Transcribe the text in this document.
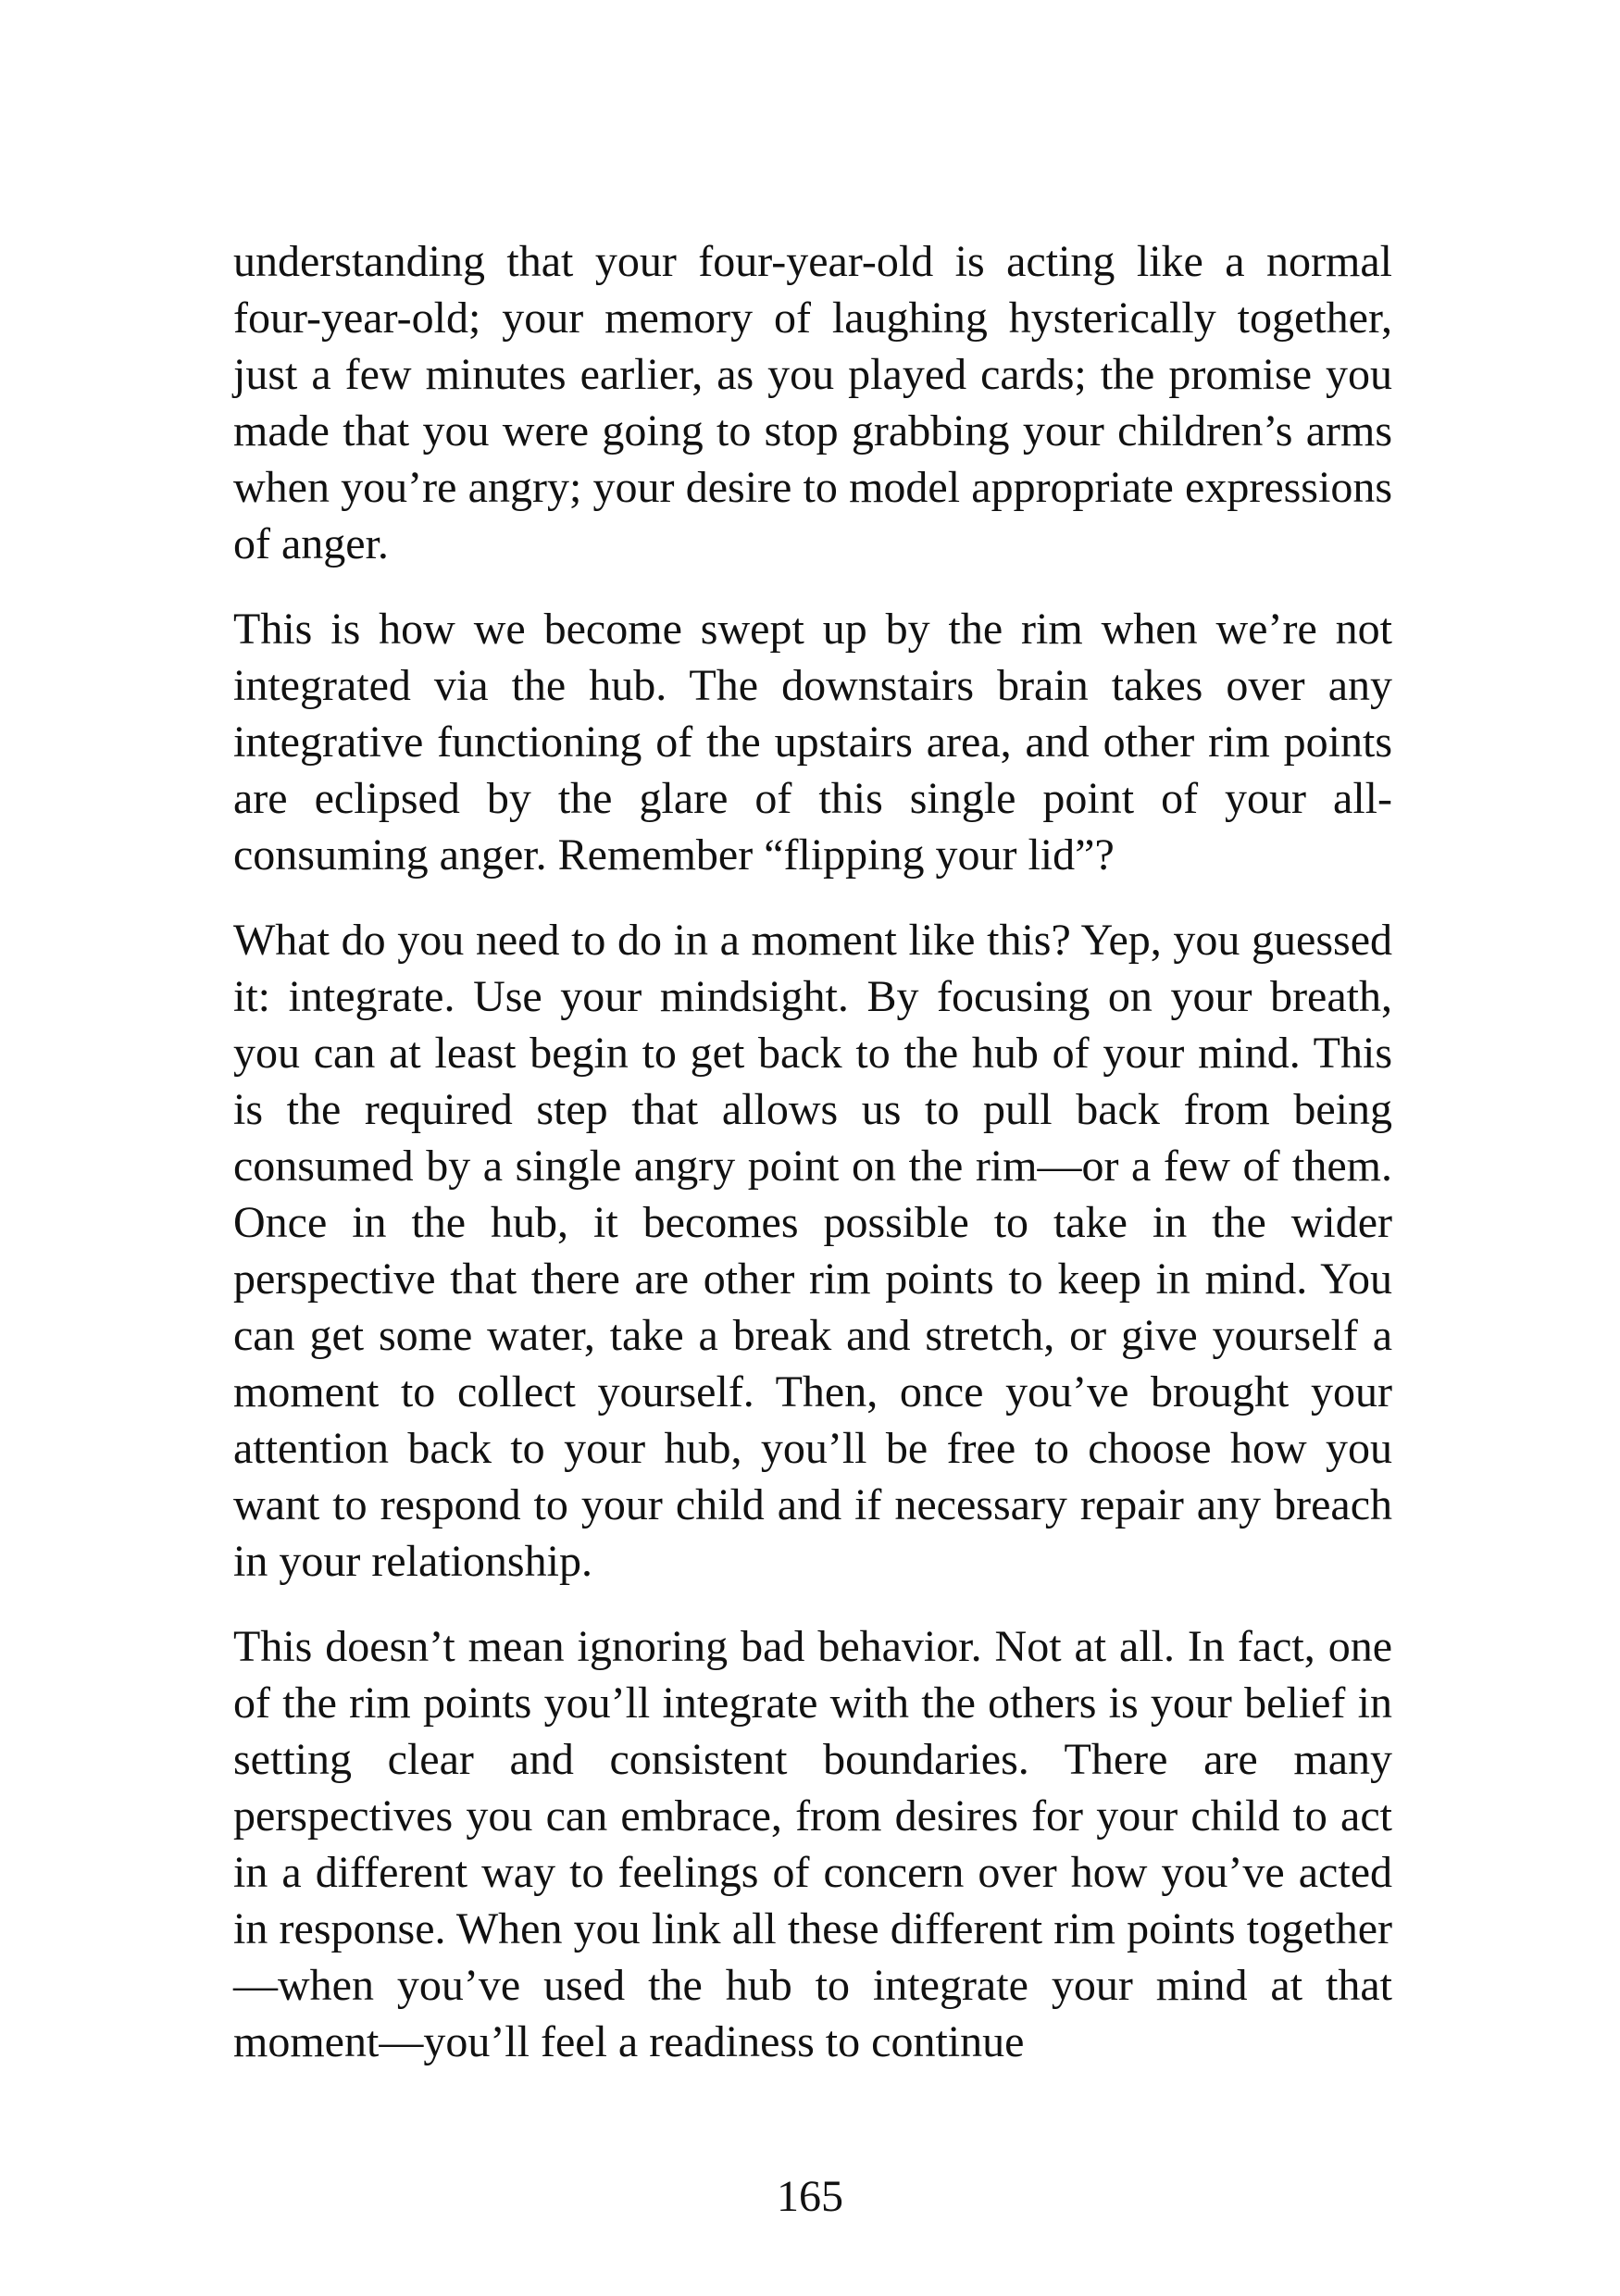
understanding that your four-year-old is acting like a normal four-year-old; your memory of laughing hysterically together, just a few minutes earlier, as you played cards; the promise you made that you were going to stop grabbing your children’s arms when you’re angry; your desire to model appropriate expressions of anger.

This is how we become swept up by the rim when we’re not integrated via the hub. The downstairs brain takes over any integrative functioning of the upstairs area, and other rim points are eclipsed by the glare of this single point of your all-consuming anger. Remember “flipping your lid”?

What do you need to do in a moment like this? Yep, you guessed it: integrate. Use your mindsight. By focusing on your breath, you can at least begin to get back to the hub of your mind. This is the required step that allows us to pull back from being consumed by a single angry point on the rim—or a few of them. Once in the hub, it becomes possible to take in the wider perspective that there are other rim points to keep in mind. You can get some water, take a break and stretch, or give yourself a moment to collect yourself. Then, once you’ve brought your attention back to your hub, you’ll be free to choose how you want to respond to your child and if necessary repair any breach in your relationship.

This doesn’t mean ignoring bad behavior. Not at all. In fact, one of the rim points you’ll integrate with the others is your belief in setting clear and consistent boundaries. There are many perspectives you can embrace, from desires for your child to act in a different way to feelings of concern over how you’ve acted in response. When you link all these different rim points together—when you’ve used the hub to integrate your mind at that moment—you’ll feel a readiness to continue

165
